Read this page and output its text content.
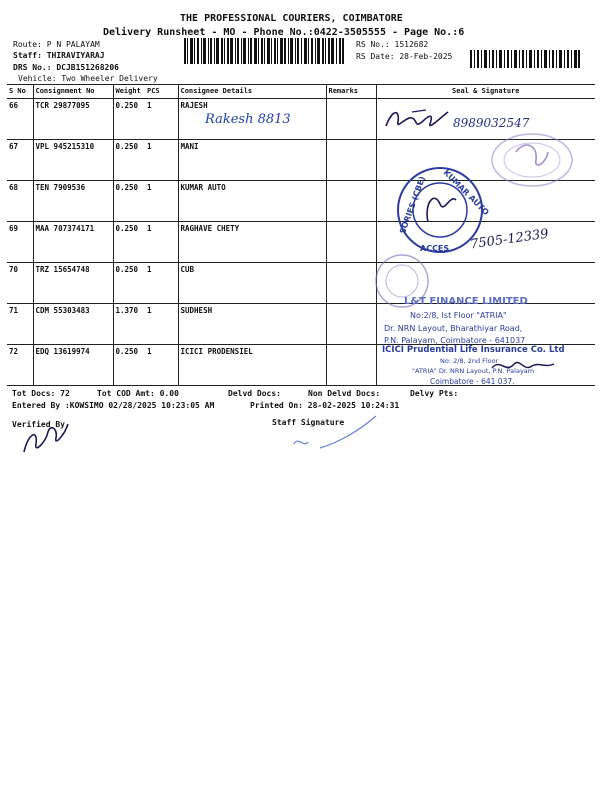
THE PROFESSIONAL COURIERS, COIMBATORE
Delivery Runsheet - MO - Phone No.:0422-3505555 - Page No.:6
Route: P N PALAYAM
Staff: THIRAVIYARAJ
DRS No.: DCJB151268206
Vehicle: Two Wheeler Delivery
RS No.: 1512682
RS Date: 28-Feb-2025
S No	Consignment No	Weight	PCS	Consignee Details	Remarks	Seal & Signature
66	TCR 29877095	0.250	1	RAJESH		
67	VPL 945215310	0.250	1	MANI		
68	TEN 7909536	0.250	1	KUMAR AUTO		
69	MAA 707374171	0.250	1	RAGHAVE CHETY		
70	TRZ 15654748	0.250	1	CUB		
71	CDM 55303483	1.370	1	SUDHESH		
72	EDQ 13619974	0.250	1	ICICI PRODENSIEL		
Rakesh 8813	8989032547
KUMAR AUTO
SORIES (CBE)
ACCES 7505-12339
L&T FINANCE LIMITED
No:2/8, Ist Floor "ATRIA"
Dr. NRN Layout, Bharathiyar Road,
P.N. Palayam, Coimbatore - 641037
ICICI Prudential Life Insurance Co. Ltd
No: 2/8, 2nd Floor
"ATRIA" Dr. NRN Layout, P.N. Palayam
Coimbatore - 641 037.
Tot Docs: 72	Tot COD Amt: 0.00	Delvd Docs:	Non Delvd Docs:	Delvy Pts:
Entered By :KOWSIMO 02/28/2025 10:23:05 AM	Printed On: 28-02-2025 10:24:31
Verified By	Staff Signature
